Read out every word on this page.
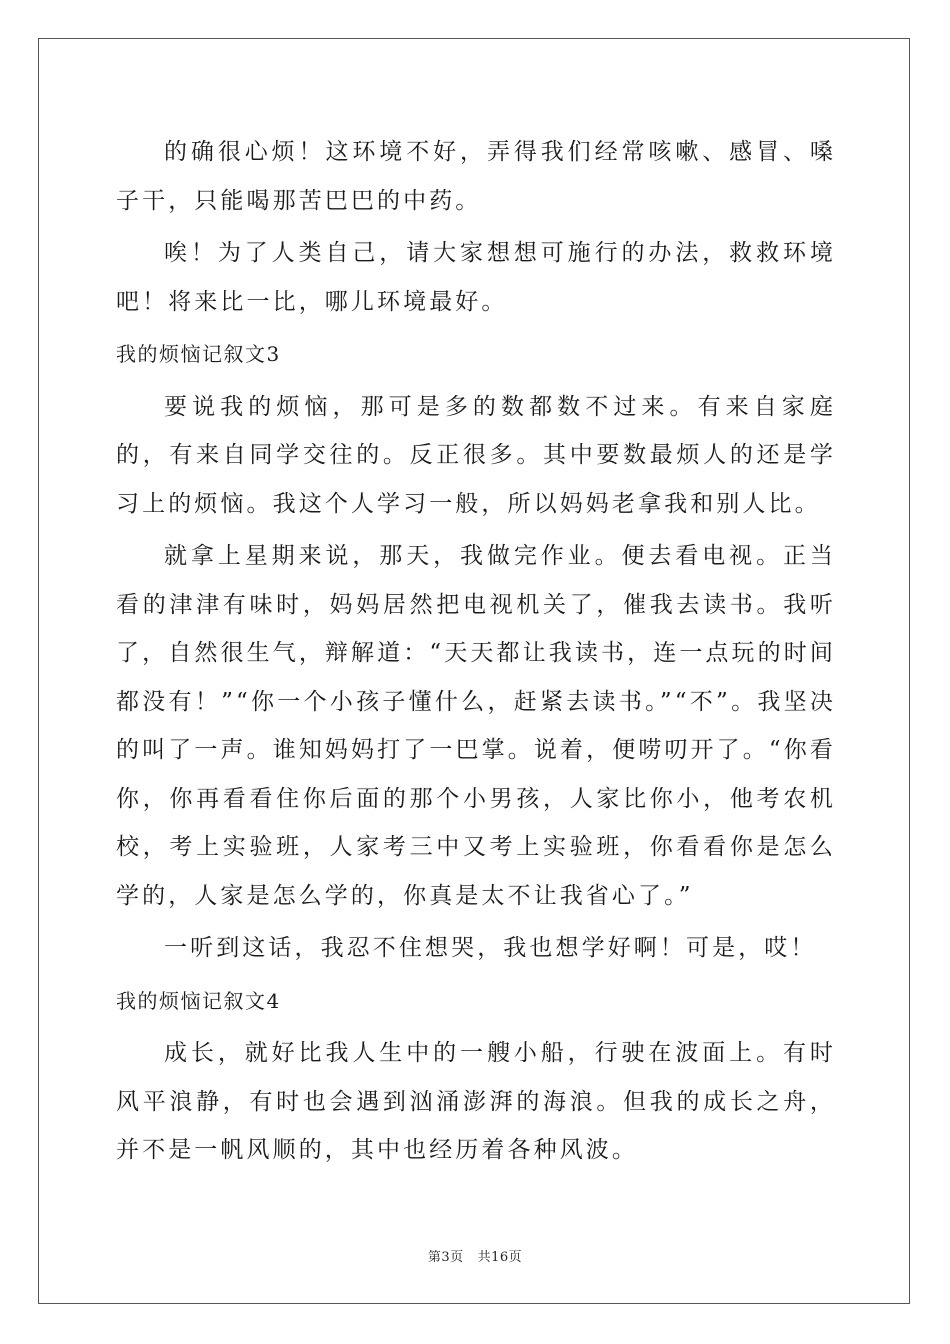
的确很心烦！这环境不好，弄得我们经常咳嗽、感冒、嗓子干，只能喝那苦巴巴的中药。

唉！为了人类自己，请大家想想可施行的办法，救救环境吧！将来比一比，哪儿环境最好。

我的烦恼记叙文3

要说我的烦恼，那可是多的数都数不过来。有来自家庭的，有来自同学交往的。反正很多。其中要数最烦人的还是学习上的烦恼。我这个人学习一般，所以妈妈老拿我和别人比。

就拿上星期来说，那天，我做完作业。便去看电视。正当看的津津有味时，妈妈居然把电视机关了，催我去读书。我听了，自然很生气，辩解道：“天天都让我读书，连一点玩的时间都没有！”“你一个小孩子懂什么，赶紧去读书。”“不”。我坚决的叫了一声。谁知妈妈打了一巴掌。说着，便唠叨开了。“你看你，你再看看住你后面的那个小男孩，人家比你小，他考农机校，考上实验班，人家考三中又考上实验班，你看看你是怎么学的，人家是怎么学的，你真是太不让我省心了。”

一听到这话，我忍不住想哭，我也想学好啊！可是，哎！

我的烦恼记叙文4

成长，就好比我人生中的一艘小船，行驶在波面上。有时风平浪静，有时也会遇到汹涌澎湃的海浪。但我的成长之舟，并不是一帆风顺的，其中也经历着各种风波。

第3页 共16页
